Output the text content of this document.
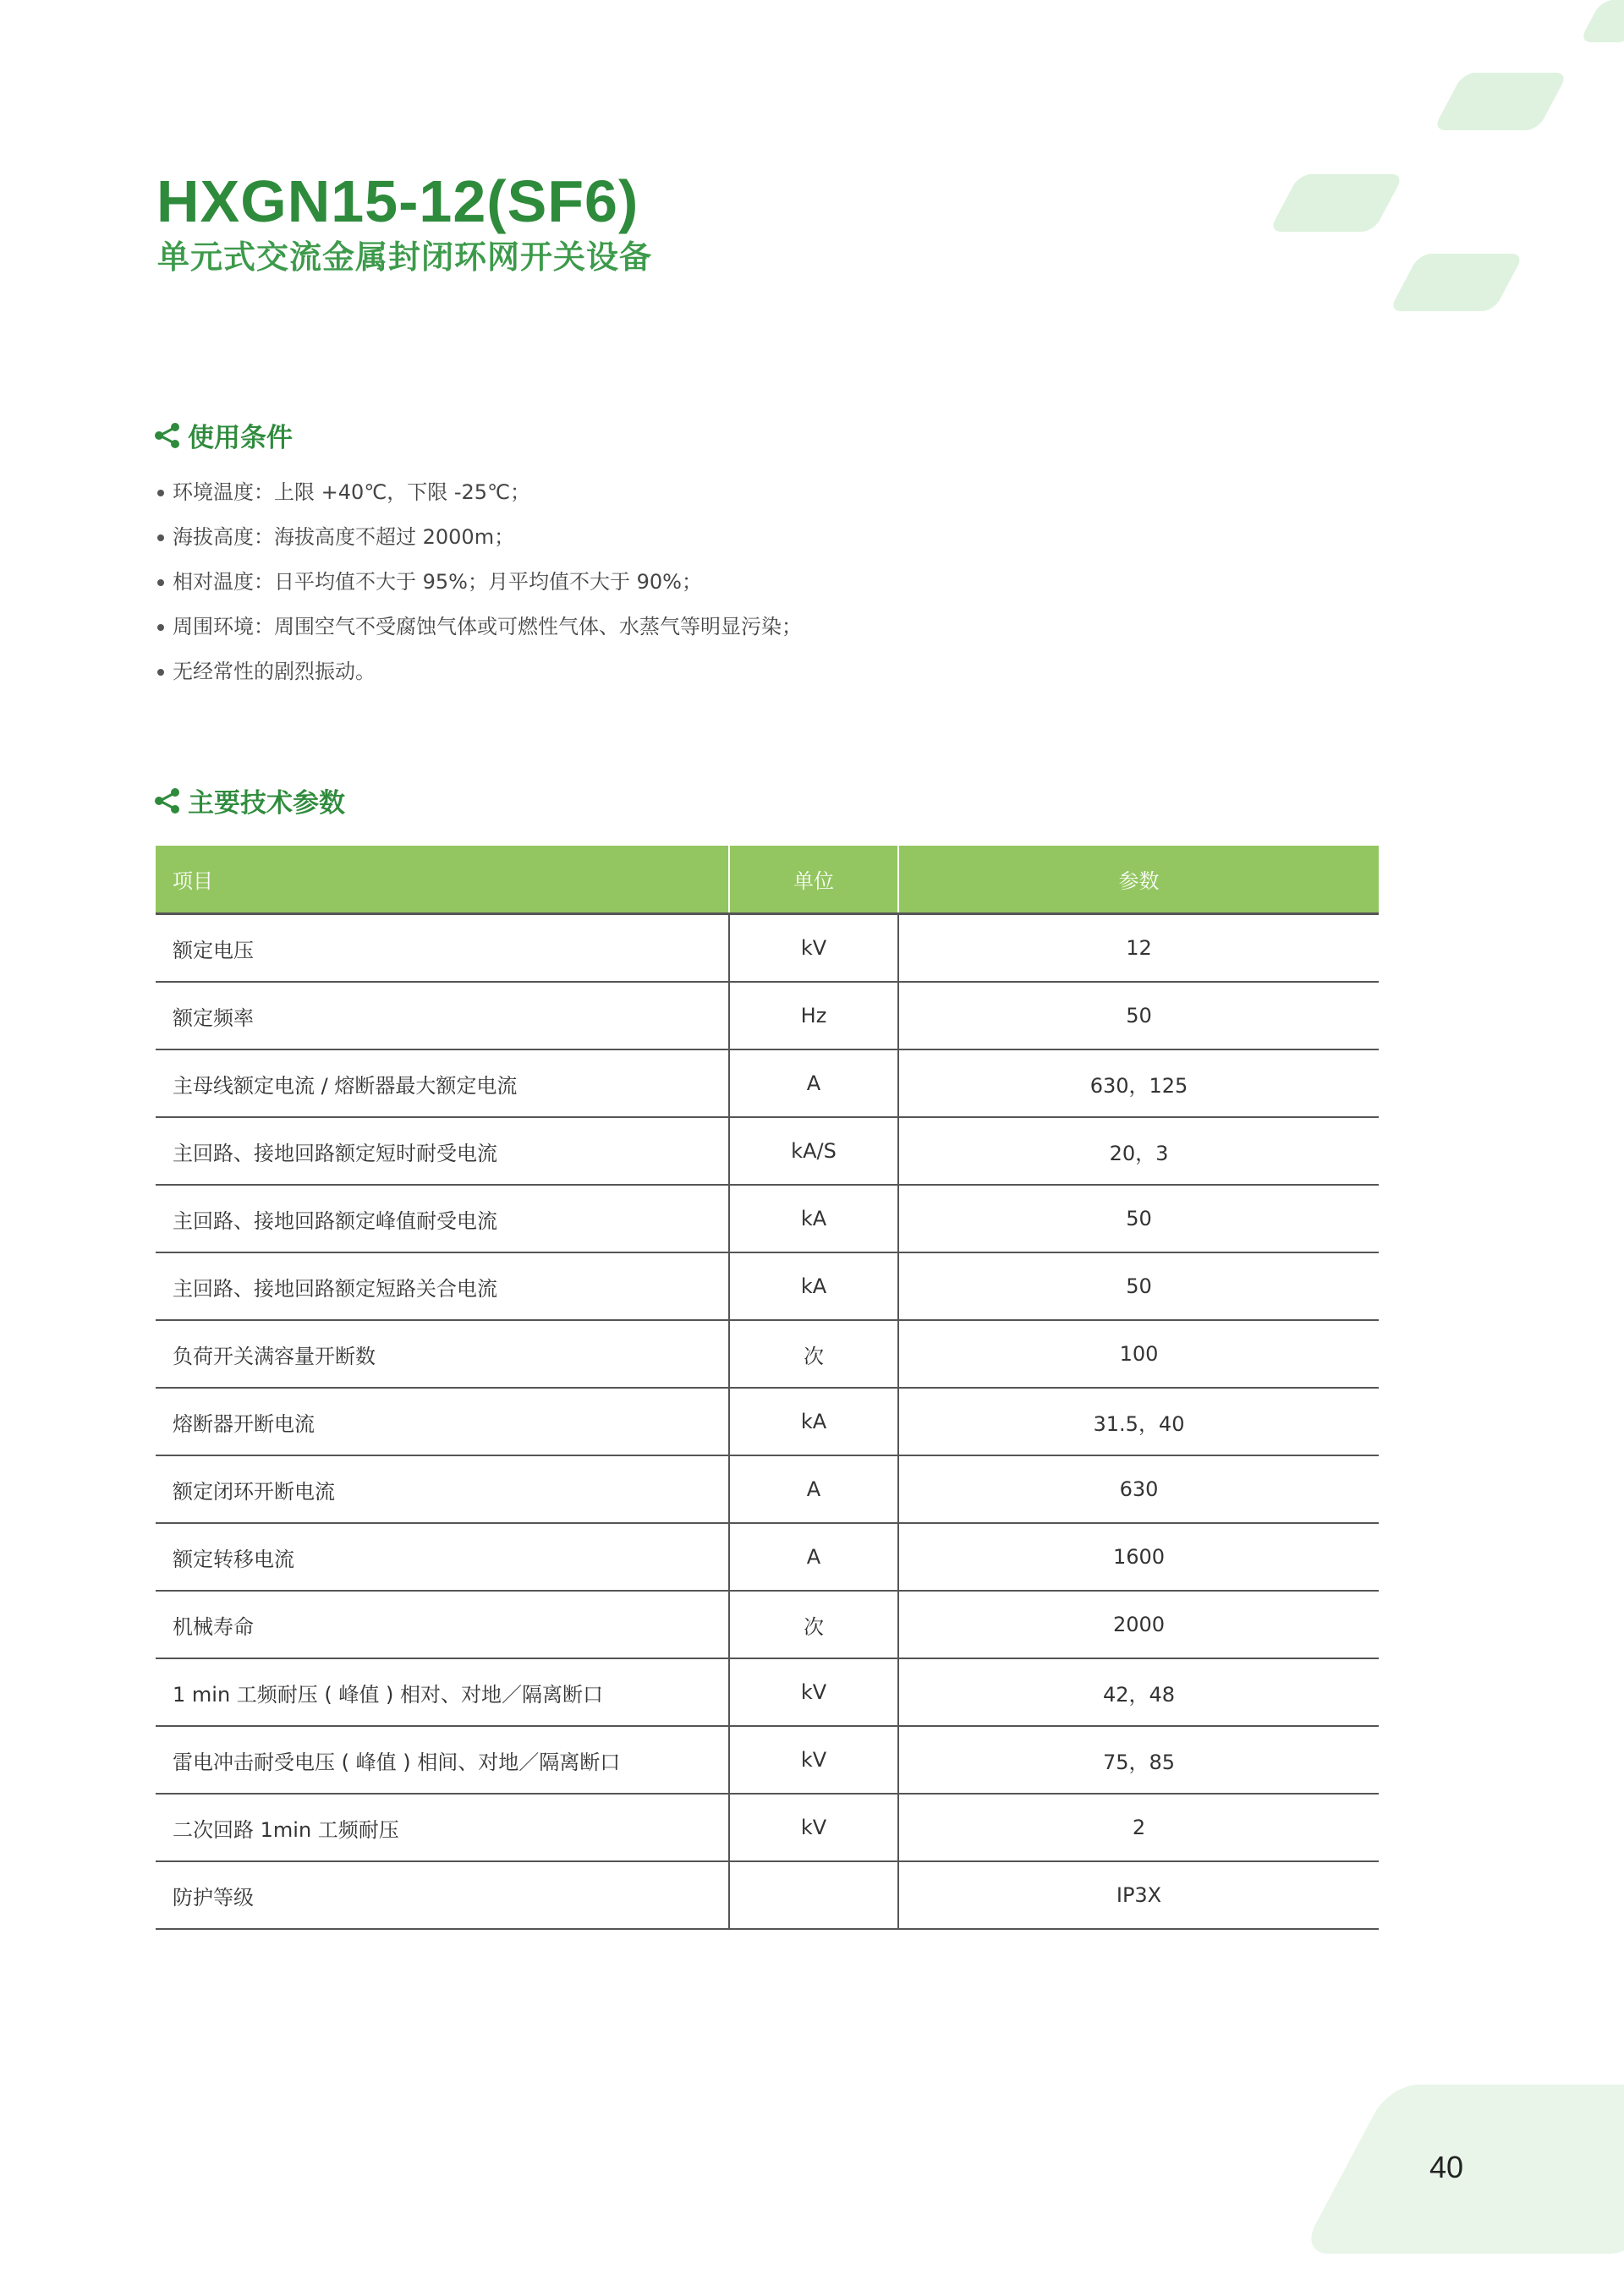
HXGN15-12(SF6)
单元式交流金属封闭环网开关设备
使用条件
环境温度：上限 +40℃，下限 -25℃；
海拔高度：海拔高度不超过 2000m；
相对温度：日平均值不大于 95%；月平均值不大于 90%；
周围环境：周围空气不受腐蚀气体或可燃性气体、水蒸气等明显污染；
无经常性的剧烈振动。
主要技术参数
项目	单位	参数
额定电压	kV	12
额定频率	Hz	50
主母线额定电流 / 熔断器最大额定电流	A	630，125
主回路、接地回路额定短时耐受电流	kA/S	20，3
主回路、接地回路额定峰值耐受电流	kA	50
主回路、接地回路额定短路关合电流	kA	50
负荷开关满容量开断数	次	100
熔断器开断电流	kA	31.5，40
额定闭环开断电流	A	630
额定转移电流	A	1600
机械寿命	次	2000
1 min 工频耐压 ( 峰值 ) 相对、对地／隔离断口	kV	42，48
雷电冲击耐受电压 ( 峰值 ) 相间、对地／隔离断口	kV	75，85
二次回路 1min 工频耐压	kV	2
防护等级		IP3X
40
